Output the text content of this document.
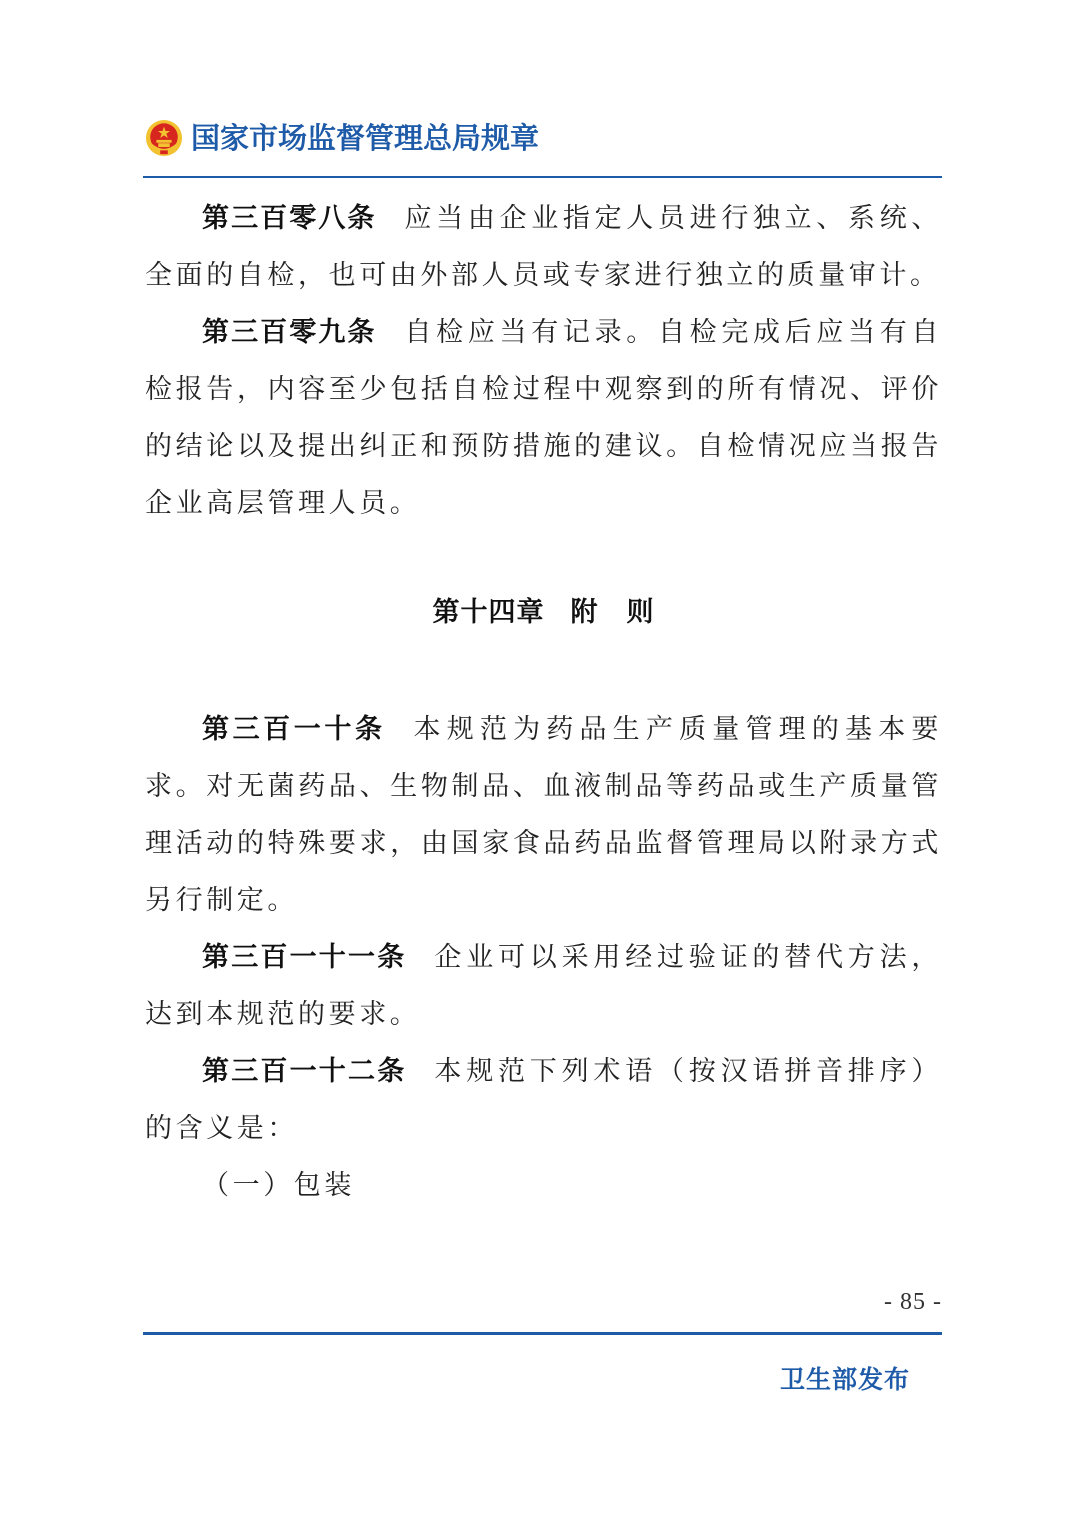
国家市场监督管理总局规章

第三百零八条 应当由企业指定人员进行独立、系统、全面的自检，也可由外部人员或专家进行独立的质量审计。

第三百零九条 自检应当有记录。自检完成后应当有自检报告，内容至少包括自检过程中观察到的所有情况、评价的结论以及提出纠正和预防措施的建议。自检情况应当报告企业高层管理人员。

第十四章 附　则

第三百一十条 本规范为药品生产质量管理的基本要求。对无菌药品、生物制品、血液制品等药品或生产质量管理活动的特殊要求，由国家食品药品监督管理局以附录方式另行制定。

第三百一十一条 企业可以采用经过验证的替代方法，达到本规范的要求。

第三百一十二条 本规范下列术语（按汉语拼音排序）的含义是：

（一）包装

- 85 -
卫生部发布
